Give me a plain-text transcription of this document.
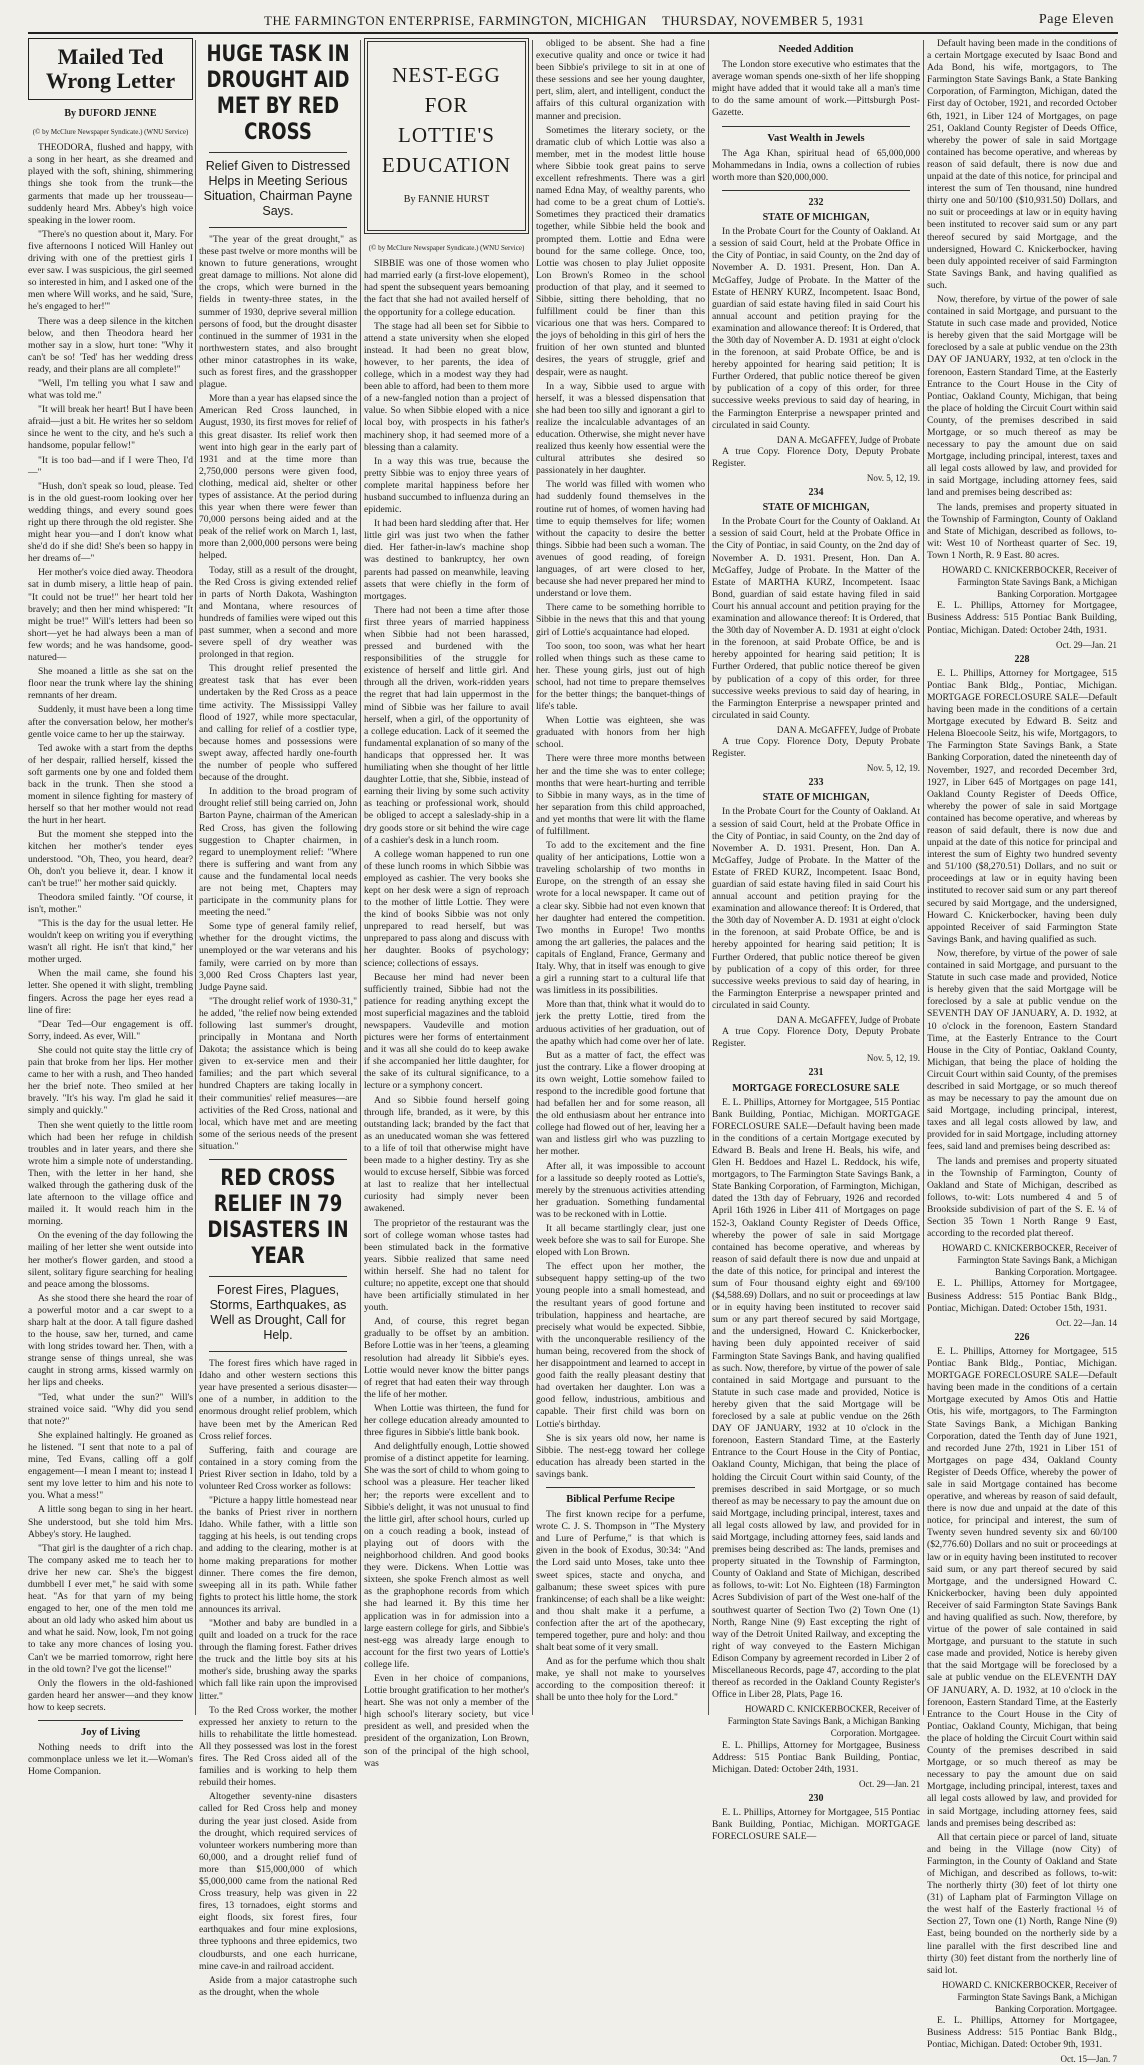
THE FARMINGTON ENTERPRISE, FARMINGTON, MICHIGAN THURSDAY, NOVEMBER 5, 1931	Page Eleven
Mailed Ted Wrong Letter
By DUFORD JENNE
(© by McClure Newspaper Syndicate.) (WNU Service)

THEODORA, flushed and happy, with a song in her heart, as she dreamed and played with the soft, shining, shimmering things she took from the trunk—the garments that made up her trousseau—suddenly heard Mrs. Abbey's high voice speaking in the lower room.

"There's no question about it, Mary. For five afternoons I noticed Will Hanley out driving with one of the prettiest girls I ever saw. I was suspicious, the girl seemed so interested in him, and I asked one of the men where Will works, and he said, 'Sure, he's engaged to her!'"

There was a deep silence in the kitchen below, and then Theodora heard her mother say in a slow, hurt tone: "Why it can't be so! 'Ted' has her wedding dress ready, and their plans are all complete!"

"Well, I'm telling you what I saw and what was told me."

"It will break her heart! But I have been afraid—just a bit. He writes her so seldom since he went to the city, and he's such a handsome, popular fellow!"

"It is too bad—and if I were Theo, I'd—"

"Hush, don't speak so loud, please. Ted is in the old guest-room looking over her wedding things, and every sound goes right up there through the old register. She might hear you—and I don't know what she'd do if she did! She's been so happy in her dreams of—"

Her mother's voice died away. Theodora sat in dumb misery, a little heap of pain. "It could not be true!" her heart told her bravely; and then her mind whispered: "It might be true!" Will's letters had been so short—yet he had always been a man of few words; and he was handsome, good-natured—

She moaned a little as she sat on the floor near the trunk where lay the shining remnants of her dream.

Suddenly, it must have been a long time after the conversation below, her mother's gentle voice came to her up the stairway.

Ted awoke with a start from the depths of her despair, rallied herself, kissed the soft garments one by one and folded them back in the trunk. Then she stood a moment in silence fighting for mastery of herself so that her mother would not read the hurt in her heart.

But the moment she stepped into the kitchen her mother's tender eyes understood. "Oh, Theo, you heard, dear? Oh, don't you believe it, dear. I know it can't be true!" her mother said quickly.

Theodora smiled faintly. "Of course, it isn't, mother."

"This is the day for the usual letter. He wouldn't keep on writing you if everything wasn't all right. He isn't that kind," her mother urged.

When the mail came, she found his letter. She opened it with slight, trembling fingers. Across the page her eyes read a line of fire:

"Dear Ted—Our engagement is off. Sorry, indeed. As ever, Will."

She could not quite stay the little cry of pain that broke from her lips. Her mother came to her with a rush, and Theo handed her the brief note. Theo smiled at her bravely. "It's his way. I'm glad he said it simply and quickly."

Then she went quietly to the little room which had been her refuge in childish troubles and in later years, and there she wrote him a simple note of understanding. Then, with the letter in her hand, she walked through the gathering dusk of the late afternoon to the village office and mailed it. It would reach him in the morning.

On the evening of the day following the mailing of her letter she went outside into her mother's flower garden, and stood a silent, solitary figure searching for healing and peace among the blossoms.

As she stood there she heard the roar of a powerful motor and a car swept to a sharp halt at the door. A tall figure dashed to the house, saw her, turned, and came with long strides toward her. Then, with a strange sense of things unreal, she was caught in strong arms, kissed warmly on her lips and cheeks.

"Ted, what under the sun?" Will's strained voice said. "Why did you send that note?"

She explained haltingly. He groaned as he listened. "I sent that note to a pal of mine, Ted Evans, calling off a golf engagement—I mean I meant to; instead I sent my love letter to him and his note to you. What a mess!"

A little song began to sing in her heart. She understood, but she told him Mrs. Abbey's story. He laughed.

"That girl is the daughter of a rich chap. The company asked me to teach her to drive her new car. She's the biggest dumbbell I ever met," he said with some heat. "As for that yarn of my being engaged to her, one of the men told me about an old lady who asked him about us and what he said. Now, look, I'm not going to take any more chances of losing you. Can't we be married tomorrow, right here in the old town? I've got the license!"

Only the flowers in the old-fashioned garden heard her answer—and they know how to keep secrets.

Joy of Living

Nothing needs to drift into the commonplace unless we let it.—Woman's Home Companion.

HUGE TASK IN DROUGHT AID MET BY RED CROSS
Relief Given to Distressed Helps in Meeting Serious Situation, Chairman Payne Says.

"The year of the great drought," as these past twelve or more months will be known to future generations, wrought great damage to millions. Not alone did the crops, which were burned in the fields in twenty-three states, in the summer of 1930, deprive several million persons of food, but the drought disaster continued in the summer of 1931 in the northwestern states, and also brought other minor catastrophes in its wake, such as forest fires, and the grasshopper plague.

More than a year has elapsed since the American Red Cross launched, in August, 1930, its first moves for relief of this great disaster. Its relief work then went into high gear in the early part of 1931 and at the time more than 2,750,000 persons were given food, clothing, medical aid, shelter or other types of assistance. At the period during this year when there were fewer than 70,000 persons being aided and at the peak of the relief work on March 1, last, more than 2,000,000 persons were being helped.

Today, still as a result of the drought, the Red Cross is giving extended relief in parts of North Dakota, Washington and Montana, where resources of hundreds of families were wiped out this past summer, when a second and more severe spell of dry weather was prolonged in that region.

This drought relief presented the greatest task that has ever been undertaken by the Red Cross as a peace time activity. The Mississippi Valley flood of 1927, while more spectacular, and calling for relief of a costlier type, because homes and possessions were swept away, affected hardly one-fourth the number of people who suffered because of the drought.

In addition to the broad program of drought relief still being carried on, John Barton Payne, chairman of the American Red Cross, has given the following suggestion to Chapter chairmen, in regard to unemployment relief: "Where there is suffering and want from any cause and the fundamental local needs are not being met, Chapters may participate in the community plans for meeting the need."

Some type of general family relief, whether for the drought victims, the unemployed or the war veterans and his family, were carried on by more than 3,000 Red Cross Chapters last year, Judge Payne said.

"The drought relief work of 1930-31," he added, "the relief now being extended following last summer's drought, principally in Montana and North Dakota; the assistance which is being given to ex-service men and their families; and the part which several hundred Chapters are taking locally in their communities' relief measures—are activities of the Red Cross, national and local, which have met and are meeting some of the serious needs of the present situation."

RED CROSS RELIEF IN 79 DISASTERS IN YEAR
Forest Fires, Plagues, Storms, Earthquakes, as Well as Drought, Call for Help.

The forest fires which have raged in Idaho and other western sections this year have presented a serious disaster—one of a number, in addition to the enormous drought relief problem, which have been met by the American Red Cross relief forces.

Suffering, faith and courage are contained in a story coming from the Priest River section in Idaho, told by a volunteer Red Cross worker as follows:

"Picture a happy little homestead near the banks of Priest river in northern Idaho. While father, with a little son tagging at his heels, is out tending crops and adding to the clearing, mother is at home making preparations for mother dinner. There comes the fire demon, sweeping all in its path. While father fights to protect his little home, the stork announces its arrival.

"Mother and baby are bundled in a quilt and loaded on a truck for the race through the flaming forest. Father drives the truck and the little boy sits at his mother's side, brushing away the sparks which fall like rain upon the improvised litter."

To the Red Cross worker, the mother expressed her anxiety to return to the hills to rehabilitate the little homestead. All they possessed was lost in the forest fires. The Red Cross aided all of the families and is working to help them rebuild their homes.

Altogether seventy-nine disasters called for Red Cross help and money during the year just closed. Aside from the drought, which required services of volunteer workers numbering more than 60,000, and a drought relief fund of more than $15,000,000 of which $5,000,000 came from the national Red Cross treasury, help was given in 22 fires, 13 tornadoes, eight storms and eight floods, six forest fires, four earthquakes and four mine explosions, three typhoons and three epidemics, two cloudbursts, and one each hurricane, mine cave-in and railroad accident.

Aside from a major catastrophe such as the drought, when the whole

NEST-EGG FOR LOTTIE'S EDUCATION
By FANNIE HURST
(© by McClure Newspaper Syndicate.) (WNU Service)

SIBBIE was one of those women who had married early (a first-love elopement), had spent the subsequent years bemoaning the fact that she had not availed herself of the opportunity for a college education.

The stage had all been set for Sibbie to attend a state university when she eloped instead. It had been no great blow, however, to her parents, the idea of college, which in a modest way they had been able to afford, had been to them more of a new-fangled notion than a project of value. So when Sibbie eloped with a nice local boy, with prospects in his father's machinery shop, it had seemed more of a blessing than a calamity.

In a way this was true, because the pretty Sibbie was to enjoy three years of complete marital happiness before her husband succumbed to influenza during an epidemic.

It had been hard sledding after that. Her little girl was just two when the father died. Her father-in-law's machine shop was destined to bankruptcy, her own parents had passed on meanwhile, leaving assets that were chiefly in the form of mortgages.

There had not been a time after those first three years of married happiness when Sibbie had not been harassed, pressed and burdened with the responsibilities of the struggle for existence of herself and little girl. And through all the driven, work-ridden years the regret that had lain uppermost in the mind of Sibbie was her failure to avail herself, when a girl, of the opportunity of a college education. Lack of it seemed the fundamental explanation of so many of the handicaps that oppressed her. It was humiliating when she thought of her little daughter Lottie, that she, Sibbie, instead of earning their living by some such activity as teaching or professional work, should be obliged to accept a saleslady-ship in a dry goods store or sit behind the wire cage of a cashier's desk in a lunch room.

A college woman happened to run one of these lunch rooms in which Sibbie was employed as cashier. The very books she kept on her desk were a sign of reproach to the mother of little Lottie. They were the kind of books Sibbie was not only unprepared to read herself, but was unprepared to pass along and discuss with her daughter. Books of psychology; science; collections of essays.

Because her mind had never been sufficiently trained, Sibbie had not the patience for reading anything except the most superficial magazines and the tabloid newspapers. Vaudeville and motion pictures were her forms of entertainment and it was all she could do to keep awake if she accompanied her little daughter, for the sake of its cultural significance, to a lecture or a symphony concert.

And so Sibbie found herself going through life, branded, as it were, by this outstanding lack; branded by the fact that as an uneducated woman she was fettered to a life of toil that otherwise might have been made to a higher destiny. Try as she would to excuse herself, Sibbie was forced at last to realize that her intellectual curiosity had simply never been awakened.

The proprietor of the restaurant was the sort of college woman whose tastes had been stimulated back in the formative years. Sibbie realized that same need within herself. She had no talent for culture; no appetite, except one that should have been artificially stimulated in her youth.

And, of course, this regret began gradually to be offset by an ambition. Before Lottie was in her 'teens, a gleaming resolution had already lit Sibbie's eyes. Lottie would never know the bitter pangs of regret that had eaten their way through the life of her mother.

When Lottie was thirteen, the fund for her college education already amounted to three figures in Sibbie's little bank book.

And delightfully enough, Lottie showed promise of a distinct appetite for learning. She was the sort of child to whom going to school was a pleasure. Her teacher liked her; the reports were excellent and to Sibbie's delight, it was not unusual to find the little girl, after school hours, curled up on a couch reading a book, instead of playing out of doors with the neighborhood children. And good books they were. Dickens. When Lottie was sixteen, she spoke French almost as well as the graphophone records from which she had learned it. By this time her application was in for admission into a large eastern college for girls, and Sibbie's nest-egg was already large enough to account for the first two years of Lottie's college life.

Even in her choice of companions, Lottie brought gratification to her mother's heart. She was not only a member of the high school's literary society, but vice president as well, and presided when the president of the organization, Lon Brown, son of the principal of the high school, was

obliged to be absent. She had a fine executive quality and once or twice it had been Sibbie's privilege to sit in at one of these sessions and see her young daughter, pert, slim, alert, and intelligent, conduct the affairs of this cultural organization with manner and precision.

Sometimes the literary society, or the dramatic club of which Lottie was also a member, met in the modest little house where Sibbie took great pains to serve excellent refreshments. There was a girl named Edna May, of wealthy parents, who had come to be a great chum of Lottie's. Sometimes they practiced their dramatics together, while Sibbie held the book and prompted them. Lottie and Edna were bound for the same college. Once, too, Lottie was chosen to play Juliet opposite Lon Brown's Romeo in the school production of that play, and it seemed to Sibbie, sitting there beholding, that no fulfillment could be finer than this vicarious one that was hers. Compared to the joys of beholding in this girl of hers the fruition of her own stunted and blunted desires, the years of struggle, grief and despair, were as naught.

In a way, Sibbie used to argue with herself, it was a blessed dispensation that she had been too silly and ignorant a girl to realize the incalculable advantages of an education. Otherwise, she might never have realized thus keenly how essential were the cultural attributes she desired so passionately in her daughter.

The world was filled with women who had suddenly found themselves in the routine rut of homes, of women having had time to equip themselves for life; women without the capacity to desire the better things. Sibbie had been such a woman. The avenues of good reading, of foreign languages, of art were closed to her, because she had never prepared her mind to understand or love them.

There came to be something horrible to Sibbie in the news that this and that young girl of Lottie's acquaintance had eloped.

Too soon, too soon, was what her heart rolled when things such as these came to her. These young girls, just out of high school, had not time to prepare themselves for the better things; the banquet-things of life's table.

When Lottie was eighteen, she was graduated with honors from her high school.

There were three more months between her and the time she was to enter college; months that were heart-hurting and terrible to Sibbie in many ways, as in the time of her separation from this child approached, and yet months that were lit with the flame of fulfillment.

To add to the excitement and the fine quality of her anticipations, Lottie won a traveling scholarship of two months in Europe, on the strength of an essay she wrote for a local newspaper. It came out of a clear sky. Sibbie had not even known that her daughter had entered the competition. Two months in Europe! Two months among the art galleries, the palaces and the capitals of England, France, Germany and Italy. Why, that in itself was enough to give a girl a running start to a cultural life that was limitless in its possibilities.

More than that, think what it would do to jerk the pretty Lottie, tired from the arduous activities of her graduation, out of the apathy which had come over her of late.

But as a matter of fact, the effect was just the contrary. Like a flower drooping at its own weight, Lottie somehow failed to respond to the incredible good fortune that had befallen her and for some reason, all the old enthusiasm about her entrance into college had flowed out of her, leaving her a wan and listless girl who was puzzling to her mother.

After all, it was impossible to account for a lassitude so deeply rooted as Lottie's, merely by the strenuous activities attending her graduation. Something fundamental was to be reckoned with in Lottie.

It all became startlingly clear, just one week before she was to sail for Europe. She eloped with Lon Brown.

The effect upon her mother, the subsequent happy setting-up of the two young people into a small homestead, and the resultant years of good fortune and tribulation, happiness and heartache, are precisely what would be expected. Sibbie, with the unconquerable resiliency of the human being, recovered from the shock of her disappointment and learned to accept in good faith the really pleasant destiny that had overtaken her daughter. Lon was a good fellow, industrious, ambitious and capable. Their first child was born on Lottie's birthday.

She is six years old now, her name is Sibbie. The nest-egg toward her college education has already been started in the savings bank.

Biblical Perfume Recipe

The first known recipe for a perfume, wrote C. J. S. Thompson in "The Mystery and Lure of Perfume," is that which is given in the book of Exodus, 30:34: "And the Lord said unto Moses, take unto thee sweet spices, stacte and onycha, and galbanum; these sweet spices with pure frankincense; of each shall be a like weight: and thou shalt make it a perfume, a confection after the art of the apothecary, tempered together, pure and holy: and thou shalt beat some of it very small.

And as for the perfume which thou shalt make, ye shall not make to yourselves according to the composition thereof: it shall be unto thee holy for the Lord."

Needed Addition

The London store executive who estimates that the average woman spends one-sixth of her life shopping might have added that it would take all a man's time to do the same amount of work.—Pittsburgh Post-Gazette.

Vast Wealth in Jewels

The Aga Khan, spiritual head of 65,000,000 Mohammedans in India, owns a collection of rubies worth more than $20,000,000.

232
STATE OF MICHIGAN,

In the Probate Court for the County of Oakland. At a session of said Court, held at the Probate Office in the City of Pontiac, in said County, on the 2nd day of November A. D. 1931. Present, Hon. Dan A. McGaffey, Judge of Probate. In the Matter of the Estate of HENRY KURZ, Incompetent. Isaac Bond, guardian of said estate having filed in said Court his annual account and petition praying for the examination and allowance thereof: It is Ordered, that the 30th day of November A. D. 1931 at eight o'clock in the forenoon, at said Probate Office, be and is hereby appointed for hearing said petition; It is Further Ordered, that public notice thereof be given by publication of a copy of this order, for three successive weeks previous to said day of hearing, in the Farmington Enterprise a newspaper printed and circulated in said County.

DAN A. McGAFFEY, Judge of Probate

A true Copy. Florence Doty, Deputy Probate Register.

Nov. 5, 12, 19.
234
STATE OF MICHIGAN,

In the Probate Court for the County of Oakland. At a session of said Court, held at the Probate Office in the City of Pontiac, in said County, on the 2nd day of November A. D. 1931. Present, Hon. Dan A. McGaffey, Judge of Probate. In the Matter of the Estate of MARTHA KURZ, Incompetent. Isaac Bond, guardian of said estate having filed in said Court his annual account and petition praying for the examination and allowance thereof: It is Ordered, that the 30th day of November A. D. 1931 at eight o'clock in the forenoon, at said Probate Office, be and is hereby appointed for hearing said petition; It is Further Ordered, that public notice thereof be given by publication of a copy of this order, for three successive weeks previous to said day of hearing, in the Farmington Enterprise a newspaper printed and circulated in said County.

DAN A. McGAFFEY, Judge of Probate

A true Copy. Florence Doty, Deputy Probate Register.

Nov. 5, 12, 19.
233
STATE OF MICHIGAN,

In the Probate Court for the County of Oakland. At a session of said Court, held at the Probate Office in the City of Pontiac, in said County, on the 2nd day of November A. D. 1931. Present, Hon. Dan A. McGaffey, Judge of Probate. In the Matter of the Estate of FRED KURZ, Incompetent. Isaac Bond, guardian of said estate having filed in said Court his annual account and petition praying for the examination and allowance thereof: It is Ordered, that the 30th day of November A. D. 1931 at eight o'clock in the forenoon, at said Probate Office, be and is hereby appointed for hearing said petition; It is Further Ordered, that public notice thereof be given by publication of a copy of this order, for three successive weeks previous to said day of hearing, in the Farmington Enterprise a newspaper printed and circulated in said County.

DAN A. McGAFFEY, Judge of Probate

A true Copy. Florence Doty, Deputy Probate Register.

Nov. 5, 12, 19.
231
MORTGAGE FORECLOSURE SALE

E. L. Phillips, Attorney for Mortgagee, 515 Pontiac Bank Building, Pontiac, Michigan. MORTGAGE FORECLOSURE SALE—Default having been made in the conditions of a certain Mortgage executed by Edward B. Beals and Irene H. Beals, his wife, and Glen H. Beddoes and Hazel L. Reddock, his wife, mortgagors, to The Farmington State Savings Bank, a State Banking Corporation, of Farmington, Michigan, dated the 13th day of February, 1926 and recorded April 16th 1926 in Liber 411 of Mortgages on page 152-3, Oakland County Register of Deeds Office, whereby the power of sale in said Mortgage contained has become operative, and whereas by reason of said default there is now due and unpaid at the date of this notice, for principal and interest the sum of Four thousand eighty eight and 69/100 ($4,588.69) Dollars, and no suit or proceedings at law or in equity having been instituted to recover said sum or any part thereof secured by said Mortgage, and the undersigned, Howard C. Knickerbocker, having been duly appointed receiver of said Farmington State Savings Bank, and having qualified as such. Now, therefore, by virtue of the power of sale contained in said Mortgage and pursuant to the Statute in such case made and provided, Notice is hereby given that the said Mortgage will be foreclosed by a sale at public vendue on the 26th DAY OF JANUARY, 1932 at 10 o'clock in the forenoon, Eastern Standard Time, at the Easterly Entrance to the Court House in the City of Pontiac, Oakland County, Michigan, that being the place of holding the Circuit Court within said County, of the premises described in said Mortgage, or so much thereof as may be necessary to pay the amount due on said Mortgage, including principal, interest, taxes and all legal costs allowed by law, and provided for in said Mortgage, including attorney fees, said lands and premises being described as: The lands, premises and property situated in the Township of Farmington, County of Oakland and State of Michigan, described as follows, to-wit: Lot No. Eighteen (18) Farmington Acres Subdivision of part of the West one-half of the southwest quarter of Section Two (2) Town One (1) North, Range Nine (9) East excepting the right of way of the Detroit United Railway, and excepting the right of way conveyed to the Eastern Michigan Edison Company by agreement recorded in Liber 2 of Miscellaneous Records, page 47, according to the plat thereof as recorded in the Oakland County Register's Office in Liber 28, Plats, Page 16.

HOWARD C. KNICKERBOCKER, Receiver of Farmington State Savings Bank, a Michigan Banking Corporation. Mortgagee.

E. L. Phillips, Attorney for Mortgagee, Business Address: 515 Pontiac Bank Building, Pontiac, Michigan. Dated: October 24th, 1931.

Oct. 29—Jan. 21
230

E. L. Phillips, Attorney for Mortgagee, 515 Pontiac Bank Building, Pontiac, Michigan. MORTGAGE FORECLOSURE SALE—

Default having been made in the conditions of a certain Mortgage executed by Isaac Bond and Ada Bond, his wife, mortgagors, to The Farmington State Savings Bank, a State Banking Corporation, of Farmington, Michigan, dated the First day of October, 1921, and recorded October 6th, 1921, in Liber 124 of Mortgages, on page 251, Oakland County Register of Deeds Office, whereby the power of sale in said Mortgage contained has become operative, and whereas by reason of said default, there is now due and unpaid at the date of this notice, for principal and interest the sum of Ten thousand, nine hundred thirty one and 50/100 ($10,931.50) Dollars, and no suit or proceedings at law or in equity having been instituted to recover said sum or any part thereof secured by said Mortgage, and the undersigned, Howard C. Knickerbocker, having been duly appointed receiver of said Farmington State Savings Bank, and having qualified as such.

Now, therefore, by virtue of the power of sale contained in said Mortgage, and pursuant to the Statute in such case made and provided, Notice is hereby given that the said Mortgage will be foreclosed by a sale at public vendue on the 23th DAY OF JANUARY, 1932, at ten o'clock in the forenoon, Eastern Standard Time, at the Easterly Entrance to the Court House in the City of Pontiac, Oakland County, Michigan, that being the place of holding the Circuit Court within said County, of the premises described in said Mortgage, or so much thereof as may be necessary to pay the amount due on said Mortgage, including principal, interest, taxes and all legal costs allowed by law, and provided for in said Mortgage, including attorney fees, said land and premises being described as:

The lands, premises and property situated in the Township of Farmington, County of Oakland and State of Michigan, described as follows, to-wit: West 10 of Northeast quarter of Sec. 19, Town 1 North, R. 9 East. 80 acres.

HOWARD C. KNICKERBOCKER, Receiver of Farmington State Savings Bank, a Michigan Banking Corporation. Mortgagee

E. L. Phillips, Attorney for Mortgagee, Business Address: 515 Pontiac Bank Building, Pontiac, Michigan. Dated: October 24th, 1931.

Oct. 29—Jan. 21
228

E. L. Phillips, Attorney for Mortgagee, 515 Pontiac Bank Bldg., Pontiac, Michigan. MORTGAGE FORECLOSURE SALE—Default having been made in the conditions of a certain Mortgage executed by Edward B. Seitz and Helena Bloecoole Seitz, his wife, Mortgagors, to The Farmington State Savings Bank, a State Banking Corporation, dated the nineteenth day of November, 1927, and recorded December 3rd, 1927, in Liber 645 of Mortgages on page 141, Oakland County Register of Deeds Office, whereby the power of sale in said Mortgage contained has become operative, and whereas by reason of said default, there is now due and unpaid at the date of this notice for principal and interest the sum of Eighty two hundred seventy and 51/100 ($8,270.51) Dollars, and no suit or proceedings at law or in equity having been instituted to recover said sum or any part thereof secured by said Mortgage, and the undersigned, Howard C. Knickerbocker, having been duly appointed Receiver of said Farmington State Savings Bank, and having qualified as such.

Now, therefore, by virtue of the power of sale contained in said Mortgage, and pursuant to the Statute in such case made and provided, Notice is hereby given that the said Mortgage will be foreclosed by a sale at public vendue on the SEVENTH DAY OF JANUARY, A. D. 1932, at 10 o'clock in the forenoon, Eastern Standard Time, at the Easterly Entrance to the Court House in the City of Pontiac, Oakland County, Michigan, that being the place of holding the Circuit Court within said County, of the premises described in said Mortgage, or so much thereof as may be necessary to pay the amount due on said Mortgage, including principal, interest, taxes and all legal costs allowed by law, and provided for in said Mortgage, including attorney fees, said land and premises being described as:

The lands and premises and property situated in the Township of Farmington, County of Oakland and State of Michigan, described as follows, to-wit: Lots numbered 4 and 5 of Brookside subdivision of part of the S. E. ¼ of Section 35 Town 1 North Range 9 East, according to the recorded plat thereof.

HOWARD C. KNICKERBOCKER, Receiver of Farmington State Savings Bank, a Michigan Banking Corporation. Mortgagee.

E. L. Phillips, Attorney for Mortgagee, Business Address: 515 Pontiac Bank Bldg., Pontiac, Michigan. Dated: October 15th, 1931.

Oct. 22—Jan. 14
226

E. L. Phillips, Attorney for Mortgagee, 515 Pontiac Bank Bldg., Pontiac, Michigan. MORTGAGE FORECLOSURE SALE—Default having been made in the conditions of a certain Mortgage executed by Amos Otis and Hattie Otis, his wife, mortgagors, to The Farmington State Savings Bank, a Michigan Banking Corporation, dated the Tenth day of June 1921, and recorded June 27th, 1921 in Liber 151 of Mortgages on page 434, Oakland County Register of Deeds Office, whereby the power of sale in said Mortgage contained has become operative, and whereas by reason of said default, there is now due and unpaid at the date of this notice, for principal and interest, the sum of Twenty seven hundred seventy six and 60/100 ($2,776.60) Dollars and no suit or proceedings at law or in equity having been instituted to recover said sum, or any part thereof secured by said Mortgage, and the undersigned Howard C. Knickerbocker, having been duly appointed Receiver of said Farmington State Savings Bank and having qualified as such. Now, therefore, by virtue of the power of sale contained in said Mortgage, and pursuant to the statute in such case made and provided, Notice is hereby given that the said Mortgage will be foreclosed by a sale at public vendue on the ELEVENTH DAY OF JANUARY, A. D. 1932, at 10 o'clock in the forenoon, Eastern Standard Time, at the Easterly Entrance to the Court House in the City of Pontiac, Oakland County, Michigan, that being the place of holding the Circuit Court within said County of the premises described in said Mortgage, or so much thereof as may be necessary to pay the amount due on said Mortgage, including principal, interest, taxes and all legal costs allowed by law, and provided for in said Mortgage, including attorney fees, said lands and premises being described as:

All that certain piece or parcel of land, situate and being in the Village (now City) of Farmington, in the County of Oakland and State of Michigan, and described as follows, to-wit: The northerly thirty (30) feet of lot thirty one (31) of Lapham plat of Farmington Village on the west half of the Easterly fractional ½ of Section 27, Town one (1) North, Range Nine (9) East, being bounded on the northerly side by a line parallel with the first described line and thirty (30) feet distant from the northerly line of said lot.

HOWARD C. KNICKERBOCKER, Receiver of Farmington State Savings Bank, a Michigan Banking Corporation. Mortgagee.

E. L. Phillips, Attorney for Mortgagee, Business Address: 515 Pontiac Bank Bldg., Pontiac, Michigan. Dated: October 9th, 1931.

Oct. 15—Jan. 7
